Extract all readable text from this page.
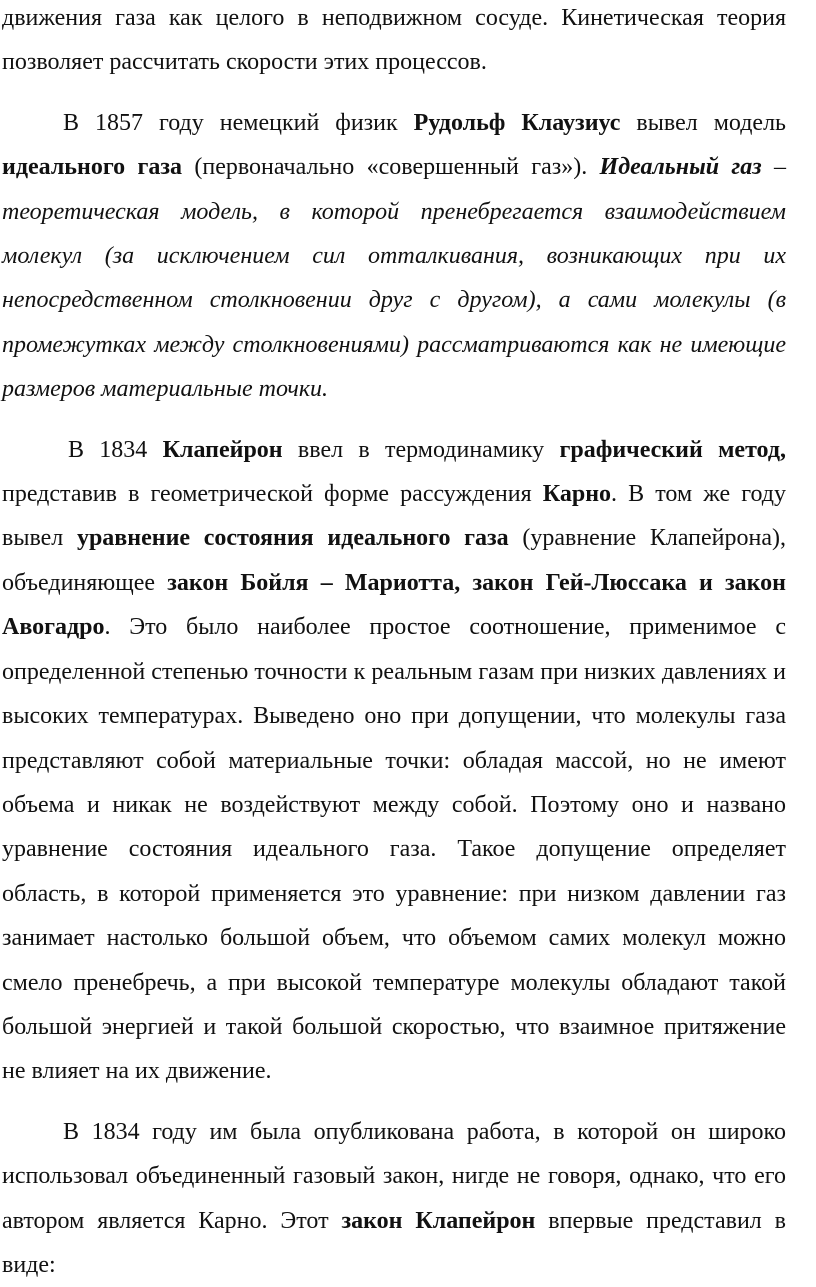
движения газа как целого в неподвижном сосуде. Кинетическая теория позволяет рассчитать скорости этих процессов.

В 1857 году немецкий физик Рудольф Клаузиус вывел модель идеального газа (первоначально «совершенный газ»). Идеальный газ – теоретическая модель, в которой пренебрегается взаимодействием молекул (за исключением сил отталкивания, возникающих при их непосредственном столкновении друг с другом), а сами молекулы (в промежутках между столкновениями) рассматриваются как не имеющие размеров материальные точки.

В 1834 Клапейрон ввел в термодинамику графический метод, представив в геометрической форме рассуждения Карно. В том же году вывел уравнение состояния идеального газа (уравнение Клапейрона), объединяющее закон Бойля – Мариотта, закон Гей-Люссака и закон Авогадро. Это было наиболее простое соотношение, применимое с определенной степенью точности к реальным газам при низких давлениях и высоких температурах. Выведено оно при допущении, что молекулы газа представляют собой материальные точки: обладая массой, но не имеют объема и никак не воздействуют между собой. Поэтому оно и названо уравнение состояния идеального газа. Такое допущение определяет область, в которой применяется это уравнение: при низком давлении газ занимает настолько большой объем, что объемом самих молекул можно смело пренебречь, а при высокой температуре молекулы обладают такой большой энергией и такой большой скоростью, что взаимное притяжение не влияет на их движение.

В 1834 году им была опубликована работа, в которой он широко использовал объединенный газовый закон, нигде не говоря, однако, что его автором является Карно. Этот закон Клапейрон впервые представил в виде:
